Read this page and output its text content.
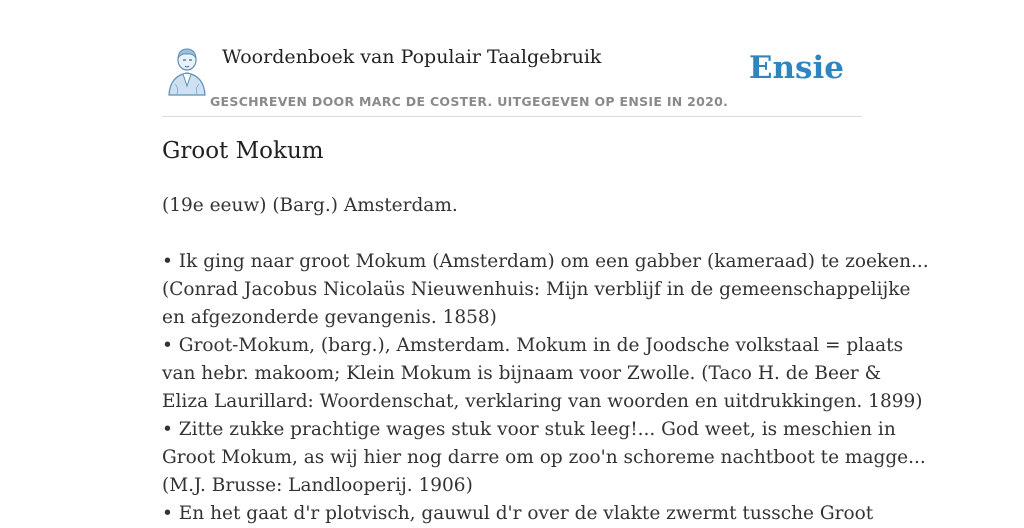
Woordenboek van Populair Taalgebruik
GESCHREVEN DOOR MARC DE COSTER. UITGEGEVEN OP ENSIE IN 2020.
Ensie
Groot Mokum
(19e eeuw) (Barg.) Amsterdam.
• Ik ging naar groot Mokum (Amsterdam) om een gabber (kameraad) te zoeken...
(Conrad Jacobus Nicolaüs Nieuwenhuis: Mijn verblijf in de gemeenschappelijke
en afgezonderde gevangenis. 1858)
• Groot-Mokum, (barg.), Amsterdam. Mokum in de Joodsche volkstaal = plaats
van hebr. makoom; Klein Mokum is bijnaam voor Zwolle. (Taco H. de Beer &
Eliza Laurillard: Woordenschat, verklaring van woorden en uitdrukkingen. 1899)
• Zitte zukke prachtige wages stuk voor stuk leeg!... God weet, is meschien in
Groot Mokum, as wij hier nog darre om op zoo'n schoreme nachtboot te magge...
(M.J. Brusse: Landlooperij. 1906)
• En het gaat d'r plotvisch, gauwul d'r over de vlakte zwermt tussche Groot
